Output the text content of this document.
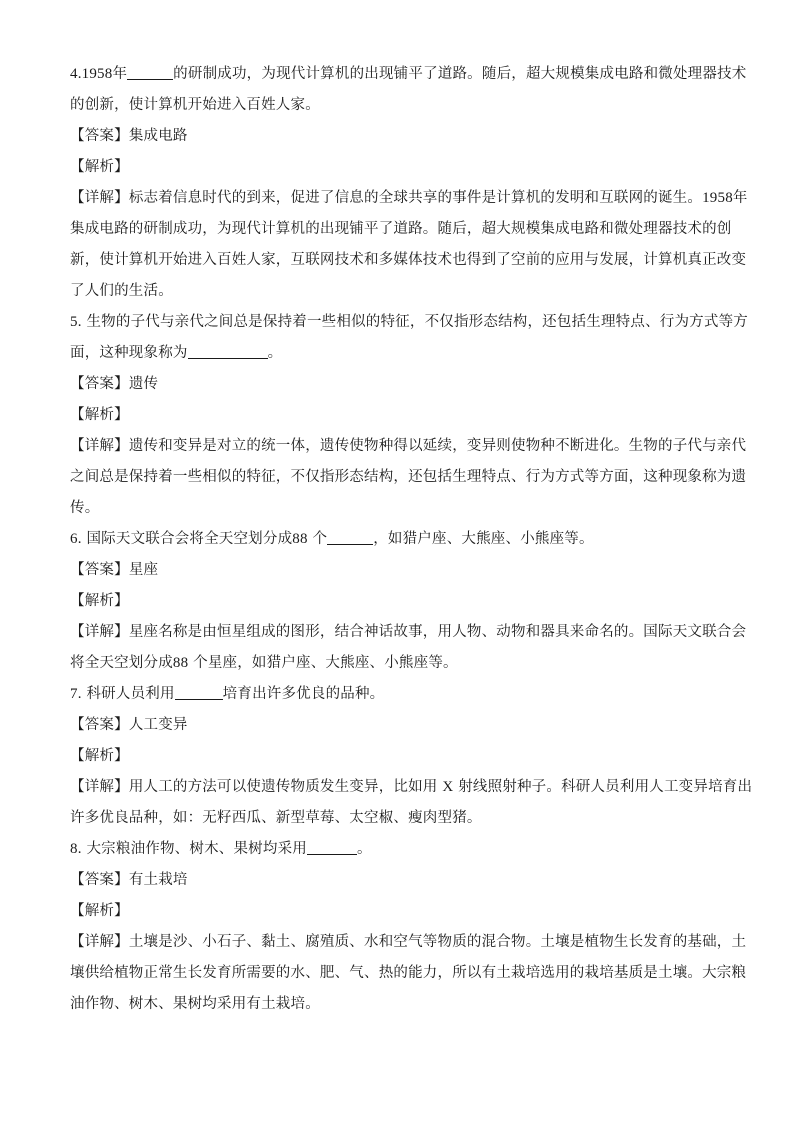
4.1958年	的研制成功，为现代计算机的出现铺平了道路。随后，超大规模集成电路和微处理器技术
的创新，使计算机开始进入百姓人家。
【答案】集成电路
【解析】
【详解】标志着信息时代的到来，促进了信息的全球共享的事件是计算机的发明和互联网的诞生。1958年
集成电路的研制成功，为现代计算机的出现铺平了道路。随后，超大规模集成电路和微处理器技术的创
新，使计算机开始进入百姓人家，互联网技术和多媒体技术也得到了空前的应用与发展，计算机真正改变
了人们的生活。
5. 生物的子代与亲代之间总是保持着一些相似的特征，不仅指形态结构，还包括生理特点、行为方式等方
面，这种现象称为	。
【答案】遗传
【解析】
【详解】遗传和变异是对立的统一体，遗传使物种得以延续，变异则使物种不断进化。生物的子代与亲代
之间总是保持着一些相似的特征，不仅指形态结构，还包括生理特点、行为方式等方面，这种现象称为遗
传。
6. 国际天文联合会将全天空划分成88 个	，如猎户座、大熊座、小熊座等。
【答案】星座
【解析】
【详解】星座名称是由恒星组成的图形，结合神话故事，用人物、动物和器具来命名的。国际天文联合会
将全天空划分成88 个星座，如猎户座、大熊座、小熊座等。
7. 科研人员利用	培育出许多优良的品种。
【答案】人工变异
【解析】
【详解】用人工的方法可以使遗传物质发生变异，比如用 X 射线照射种子。科研人员利用人工变异培育出
许多优良品种，如：无籽西瓜、新型草莓、太空椒、瘦肉型猪。
8. 大宗粮油作物、树木、果树均采用	。
【答案】有土栽培
【解析】
【详解】土壤是沙、小石子、黏土、腐殖质、水和空气等物质的混合物。土壤是植物生长发育的基础，土
壤供给植物正常生长发育所需要的水、肥、气、热的能力，所以有土栽培选用的栽培基质是土壤。大宗粮
油作物、树木、果树均采用有土栽培。
